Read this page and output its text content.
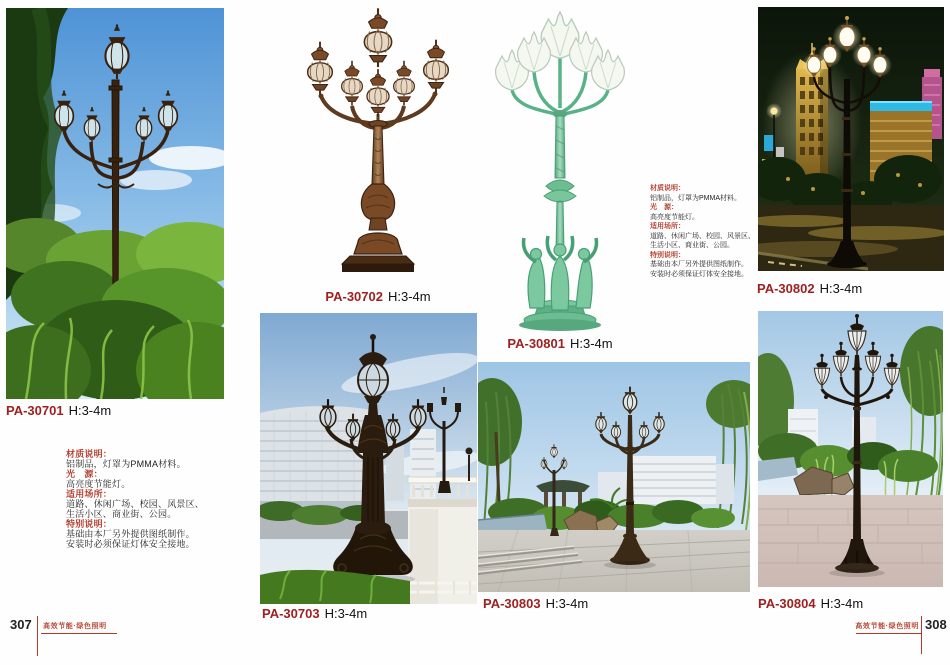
PA-30701 H:3-4m
PA-30702 H:3-4m
PA-30801 H:3-4m
PA-30802 H:3-4m
材质说明：
铝制品，灯罩为PMMA材料。
光　源：
高亮度节能灯。
适用场所：
道路、休闲广场、校园、风景区、
生活小区、商业街、公园。
特别说明：
基础由本厂另外提供图纸制作。
安装时必须保证灯体安全接地。
材质说明：
铝制品，灯罩为PMMA材料。
光　源：
高亮度节能灯。
适用场所：
道路、休闲广场、校园、风景区、
生活小区、商业街、公园。
特别说明：
基础由本厂另外提供图纸制作。
安装时必须保证灯体安全接地。
PA-30703 H:3-4m
PA-30803 H:3-4m	PA-30804 H:3-4m
307 高效节能·绿色照明	高效节能·绿色照明 308
